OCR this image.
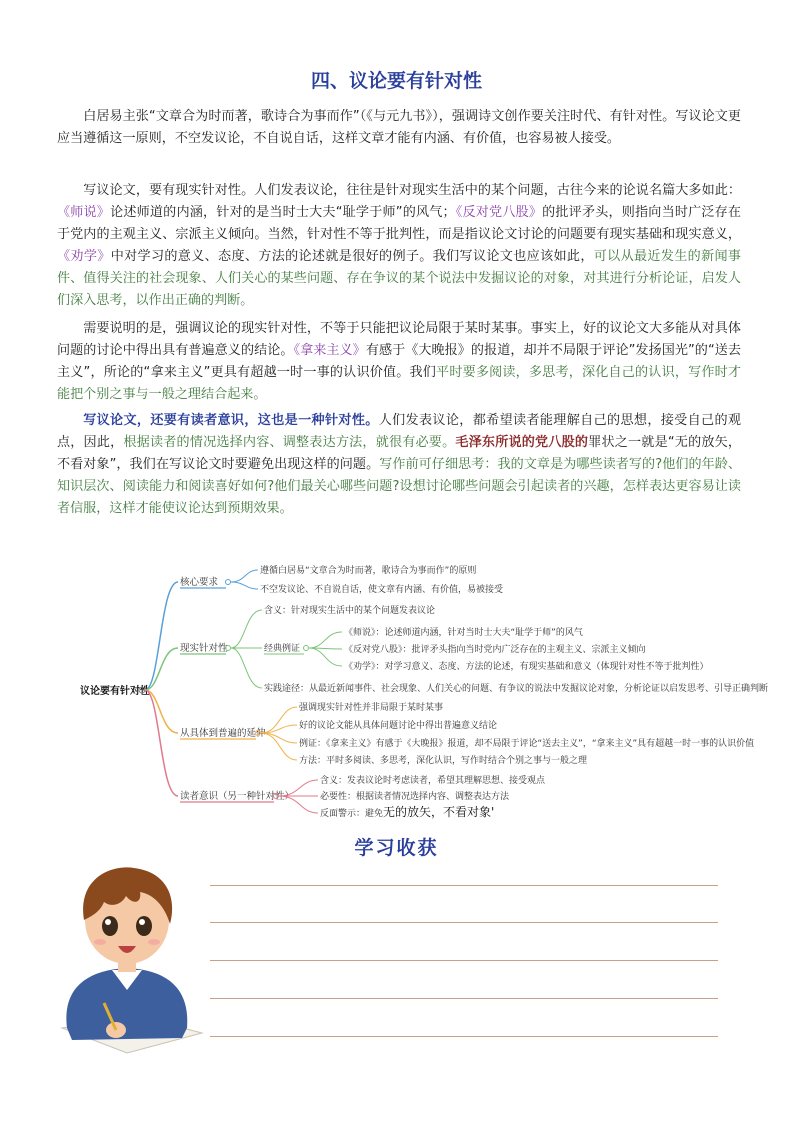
四、议论要有针对性

白居易主张“文章合为时而著，歌诗合为事而作”（《与元九书》），强调诗文创作要关注时代、有针对性。写议论文更应当遵循这一原则，不空发议论，不自说自话，这样文章才能有内涵、有价值，也容易被人接受。

写议论文，要有现实针对性。人们发表议论，往往是针对现实生活中的某个问题，古往今来的论说名篇大多如此：《师说》论述师道的内涵，针对的是当时士大夫“耻学于师”的风气；《反对党八股》的批评矛头，则指向当时广泛存在于党内的主观主义、宗派主义倾向。当然，针对性不等于批判性，而是指议论文讨论的问题要有现实基础和现实意义，《劝学》中对学习的意义、态度、方法的论述就是很好的例子。我们写议论文也应该如此，可以从最近发生的新闻事件、值得关注的社会现象、人们关心的某些问题、存在争议的某个说法中发掘议论的对象，对其进行分析论证，启发人们深入思考，以作出正确的判断。

需要说明的是，强调议论的现实针对性，不等于只能把议论局限于某时某事。事实上，好的议论文大多能从对具体问题的讨论中得出具有普遍意义的结论。《拿来主义》有感于《大晚报》的报道，却并不局限于评论”发扬国光”的“送去主义”，所论的“拿来主义”更具有超越一时一事的认识价值。我们平时要多阅读，多思考，深化自己的认识，写作时才能把个别之事与一般之理结合起来。

写议论文，还要有读者意识，这也是一种针对性。人们发表议论，都希望读者能理解自己的思想，接受自己的观点，因此，根据读者的情况选择内容、调整表达方法，就很有必要。毛泽东所说的党八股的罪状之一就是“无的放矢，不看对象”，我们在写议论文时要避免出现这样的问题。写作前可仔细思考：我的文章是为哪些读者写的?他们的年龄、知识层次、阅读能力和阅读喜好如何?他们最关心哪些问题?设想讨论哪些问题会引起读者的兴趣，怎样表达更容易让读者信服，这样才能使议论达到预期效果。

议论要有针对性
核心要求
遵循白居易“文章合为时而著，歌诗合为事而作”的原则
不空发议论、不自说自话，使文章有内涵、有价值，易被接受
现实针对性
含义：针对现实生活中的某个问题发表议论
经典例证
《师说》：论述师道内涵，针对当时士大夫“耻学于师”的风气
《反对党八股》：批评矛头指向当时党内广泛存在的主观主义、宗派主义倾向
《劝学》：对学习意义、态度、方法的论述，有现实基础和意义（体现针对性不等于批判性）
实践途径：从最近新闻事件、社会现象、人们关心的问题、有争议的说法中发掘议论对象，分析论证以启发思考、引导正确判断
从具体到普遍的延伸
强调现实针对性并非局限于某时某事
好的议论文能从具体问题讨论中得出普遍意义结论
例证：《拿来主义》有感于《大晚报》报道，却不局限于评论“送去主义”，“拿来主义”具有超越一时一事的认识价值
方法：平时多阅读、多思考，深化认识，写作时结合个别之事与一般之理
读者意识（另一种针对性）
含义：发表议论时考虑读者，希望其理解思想、接受观点
必要性：根据读者情况选择内容、调整表达方法
反面警示：避免无的放矢，不看对象'
学习收获
